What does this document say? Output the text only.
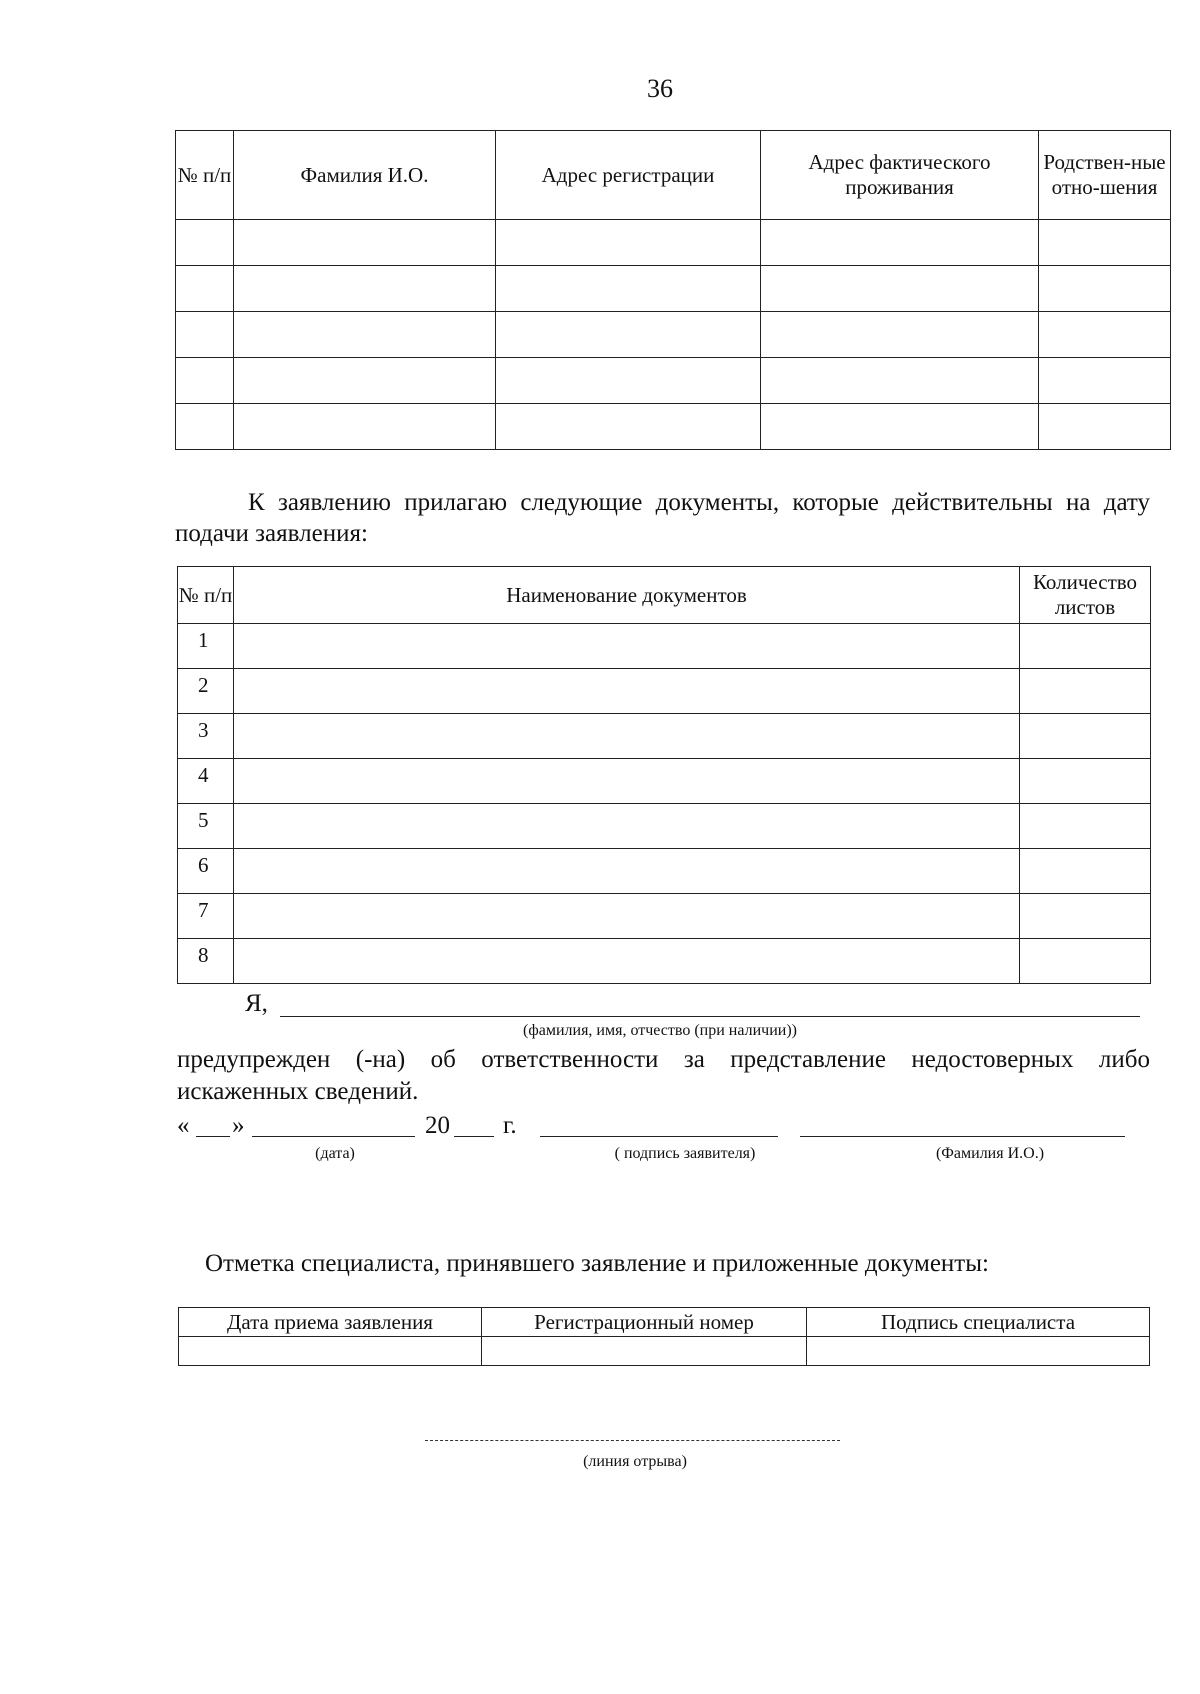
36
№ п/п	Фамилия И.О.	Адрес регистрации	Адрес фактического проживания	Родствен-ные отно-шения

К заявлению прилагаю следующие документы, которые действительны на дату подачи заявления:
№ п/п	Наименование документов	Количество листов
1		
2		
3		
4		
5		
6		
7		
8		
Я,
(фамилия, имя, отчество (при наличии))
предупрежден (-на) об ответственности за представление недостоверных либо искаженных сведений.
« »	20 г.
(дата)	( подпись заявителя)	(Фамилия И.О.)
Отметка специалиста, принявшего заявление и приложенные документы:
Дата приема заявления	Регистрационный номер	Подпись специалиста

(линия отрыва)
